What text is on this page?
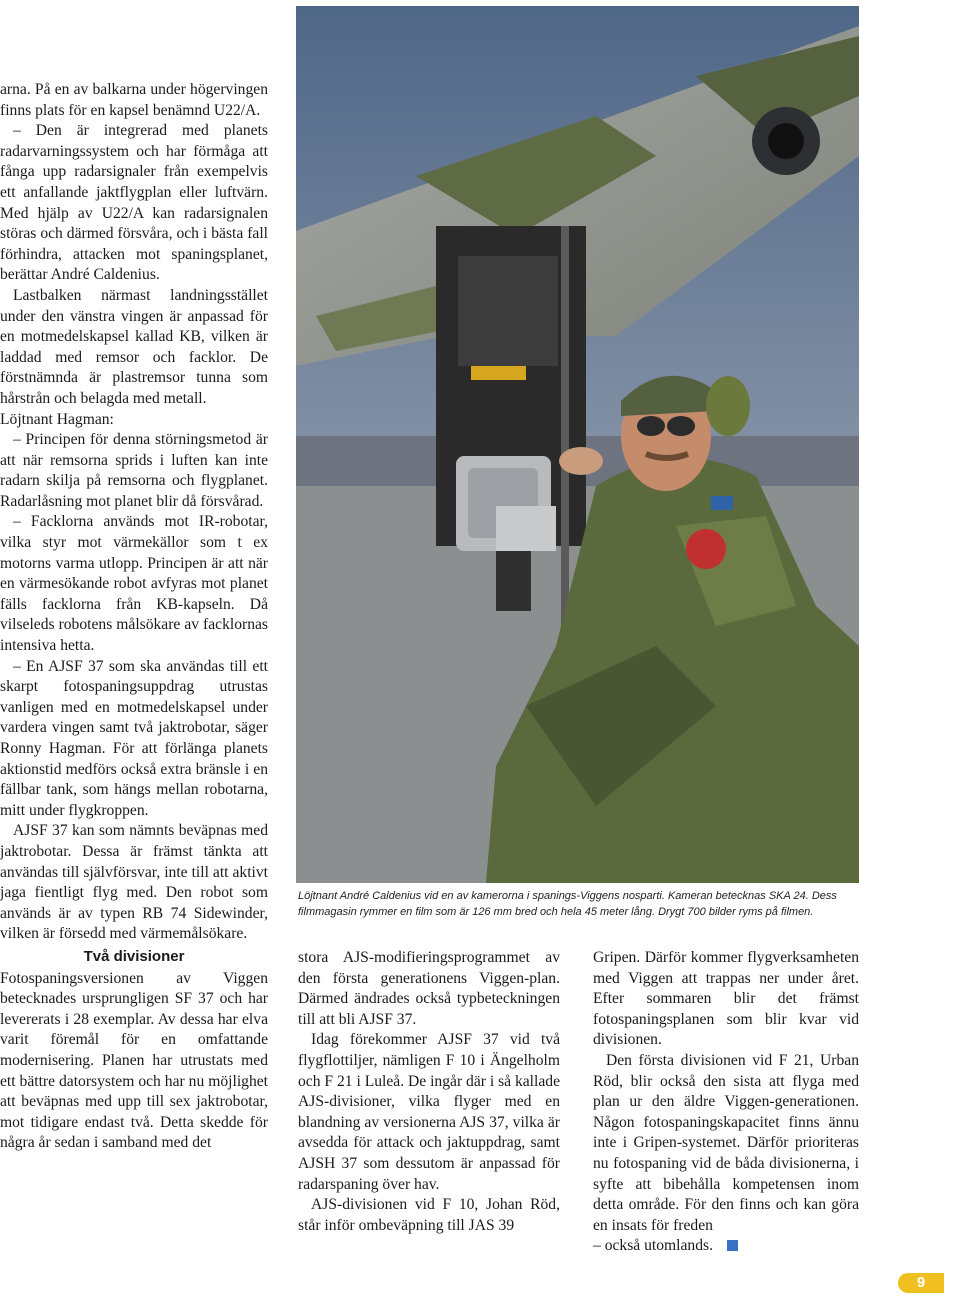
arna. På en av balkarna under högervingen finns plats för en kapsel benämnd U22/A.

– Den är integrerad med planets radarvarningssystem och har förmåga att fånga upp radarsignaler från exempelvis ett anfallande jaktflygplan eller luftvärn. Med hjälp av U22/A kan radarsignalen störas och därmed försvåra, och i bästa fall förhindra, attacken mot spaningsplanet, berättar André Caldenius.

Lastbalken närmast landningsstället under den vänstra vingen är anpassad för en motmedelskapsel kallad KB, vilken är laddad med remsor och facklor. De förstnämnda är plastremsor tunna som hårstrån och belagda med metall.

Löjtnant Hagman:

– Principen för denna störningsmetod är att när remsorna sprids i luften kan inte radarn skilja på remsorna och flygplanet. Radarlåsning mot planet blir då försvårad.

– Facklorna används mot IR-robotar, vilka styr mot värmekällor som t ex motorns varma utlopp. Principen är att när en värmesökande robot avfyras mot planet fälls facklorna från KB-kapseln. Då vilseleds robotens målsökare av facklornas intensiva hetta.

– En AJSF 37 som ska användas till ett skarpt fotospaningsuppdrag utrustas vanligen med en motmedelskapsel under vardera vingen samt två jaktrobotar, säger Ronny Hagman. För att förlänga planets aktionstid medförs också extra bränsle i en fällbar tank, som hängs mellan robotarna, mitt under flygkroppen.

AJSF 37 kan som nämnts beväpnas med jaktrobotar. Dessa är främst tänkta att användas till självförsvar, inte till att aktivt jaga fientligt flyg med. Den robot som används är av typen RB 74 Sidewinder, vilken är försedd med värmemålsökare.

Två divisioner

Fotospaningsversionen av Viggen betecknades ursprungligen SF 37 och har levererats i 28 exemplar. Av dessa har elva varit föremål för en omfattande modernisering. Planen har utrustats med ett bättre datorsystem och har nu möjlighet att beväpnas med upp till sex jaktrobotar, mot tidigare endast två. Detta skedde för några år sedan i samband med det

Löjtnant André Caldenius vid en av kamerorna i spanings-Viggens nosparti. Kameran betecknas SKA 24. Dess filmmagasin rymmer en film som är 126 mm bred och hela 45 meter lång. Drygt 700 bilder ryms på filmen.

stora AJS-modifieringsprogrammet av den första generationens Viggen-plan. Därmed ändrades också typbeteckningen till att bli AJSF 37.

Idag förekommer AJSF 37 vid två flygflottiljer, nämligen F 10 i Ängelholm och F 21 i Luleå. De ingår där i så kallade AJS-divisioner, vilka flyger med en blandning av versionerna AJS 37, vilka är avsedda för attack och jaktuppdrag, samt AJSH 37 som dessutom är anpassad för radarspaning över hav.

AJS-divisionen vid F 10, Johan Röd, står inför ombeväpning till JAS 39

Gripen. Därför kommer flygverksamheten med Viggen att trappas ner under året. Efter sommaren blir det främst fotospaningsplanen som blir kvar vid divisionen.

Den första divisionen vid F 21, Urban Röd, blir också den sista att flyga med plan ur den äldre Viggen-generationen. Någon fotospaningskapacitet finns ännu inte i Gripen-systemet. Därför prioriteras nu fotospaning vid de båda divisionerna, i syfte att bibehålla kompetensen inom detta område. För den finns och kan göra en insats för freden

– också utomlands.

9
